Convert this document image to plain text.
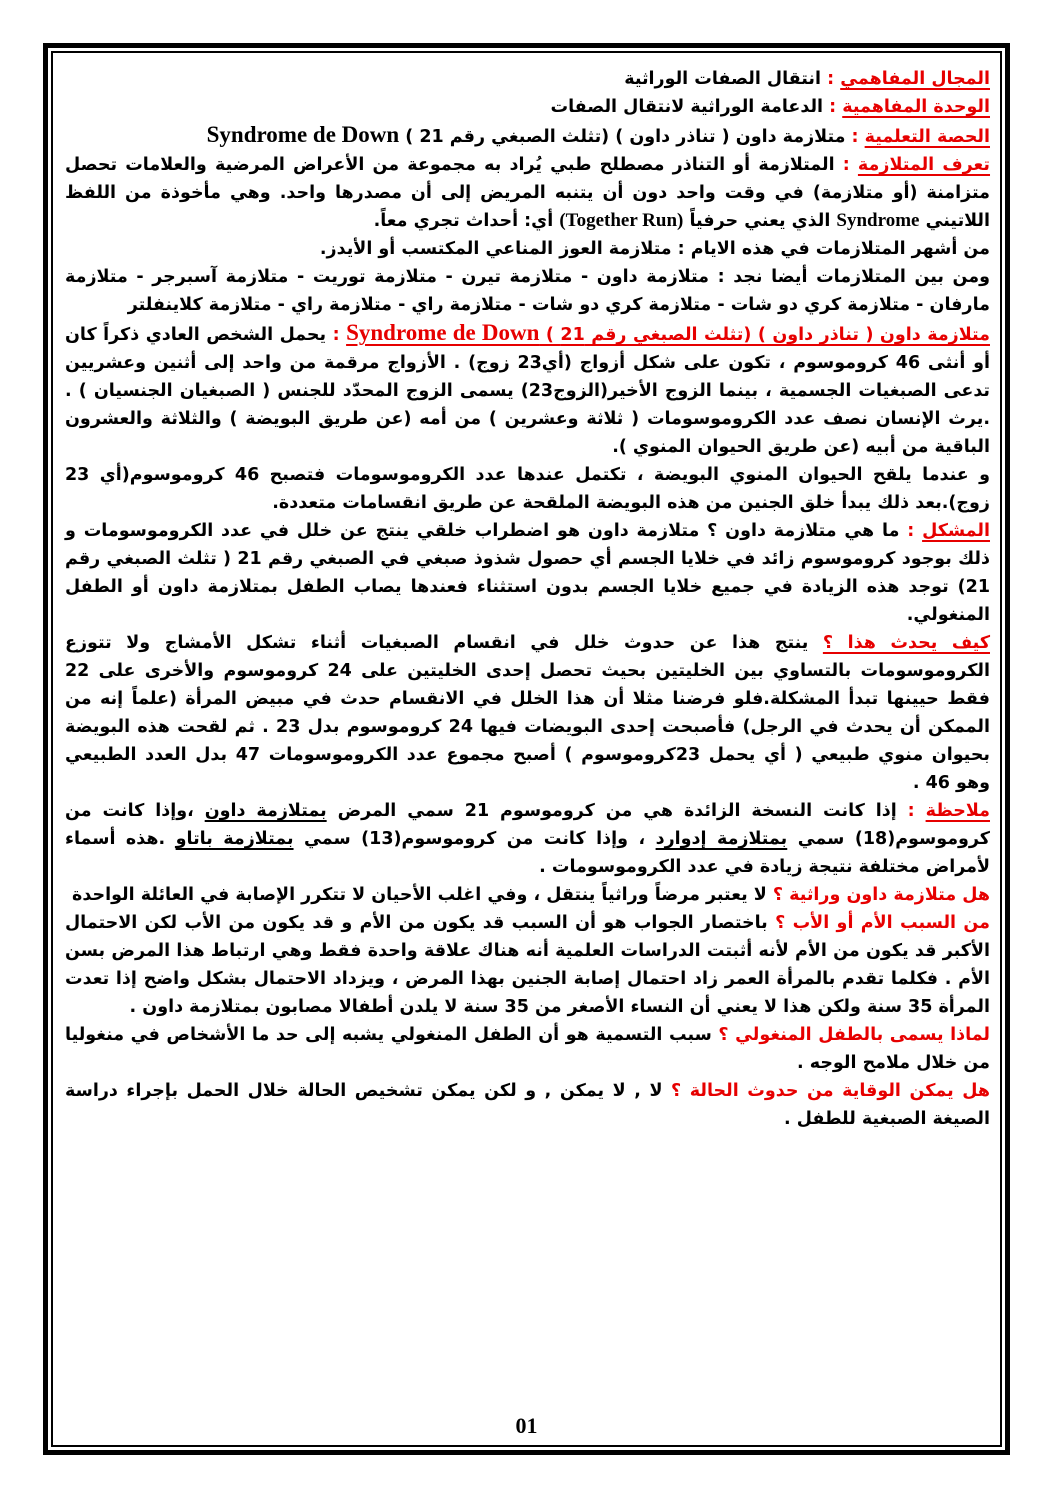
المجال المفاهمي : انتقال الصفات الوراثية

الوحدة المفاهمية : الدعامة الوراثية لانتقال الصفات

الحصة التعلمية : متلازمة داون ( تناذر داون ) (تثلث الصبغي رقم 21 ) Syndrome de Down

تعرف المتلازمة : المتلازمة أو التناذر مصطلح طبي يُراد به مجموعة من الأعراض المرضية والعلامات تحصل متزامنة (أو متلازمة) في وقت واحد دون أن يتنبه المريض إلى أن مصدرها واحد. وهي مأخوذة من اللفظ اللاتيني Syndrome الذي يعني حرفياً (Together Run) أي: أحداث تجري معاً.

من أشهر المتلازمات في هذه الايام : متلازمة العوز المناعي المكتسب أو الأيدز.

ومن بين المتلازمات أيضا نجد : متلازمة داون - متلازمة تيرن - متلازمة توريت - متلازمة آسبرجر - متلازمة مارفان - متلازمة كري دو شات - متلازمة كري دو شات - متلازمة راي - متلازمة راي - متلازمة كلاينفلتر

متلازمة داون ( تناذر داون ) (تثلث الصبغي رقم 21 ) Syndrome de Down : يحمل الشخص العادي ذكراً كان أو أنثى 46 كروموسوم ، تكون على شكل أزواج (أي23 زوج) . الأزواج مرقمة من واحد إلى أثنين وعشريين تدعى الصبغيات الجسمية ، بينما الزوج الأخير(الزوج23) يسمى الزوج المحدّد للجنس ( الصبغيان الجنسيان ) . .يرث الإنسان نصف عدد الكروموسومات ( ثلاثة وعشرين ) من أمه (عن طريق البويضة ) والثلاثة والعشرون الباقية من أبيه (عن طريق الحيوان المنوي ).

و عندما يلقح الحيوان المنوي البويضة ، تكتمل عندها عدد الكروموسومات فتصبح 46 كروموسوم(أي 23 زوج).بعد ذلك يبدأ خلق الجنين من هذه البويضة الملقحة عن طريق انقسامات متعددة.

المشكل : ما هي متلازمة داون ؟ متلازمة داون هو اضطراب خلقي ينتج عن خلل في عدد الكروموسومات و ذلك بوجود كروموسوم زائد في خلايا الجسم أي حصول شذوذ صبغي في الصبغي رقم 21 ( تثلث الصبغي رقم 21) توجد هذه الزيادة في جميع خلايا الجسم بدون استثناء فعندها يصاب الطفل بمتلازمة داون أو الطفل المنغولي.

كيف يحدث هذا ؟ ينتج هذا عن حدوث خلل في انقسام الصبغيات أثناء تشكل الأمشاج ولا تتوزع الكروموسومات بالتساوي بين الخليتين بحيث تحصل إحدى الخليتين على 24 كروموسوم والأخرى على 22 فقط حيينها تبدأ المشكلة.فلو فرضنا مثلا أن هذا الخلل في الانقسام حدث في مبيض المرأة (علماً إنه من الممكن أن يحدث في الرجل) فأصبحت إحدى البويضات فيها 24 كروموسوم بدل 23 . ثم لقحت هذه البويضة بحيوان منوي طبيعي ( أي يحمل 23كروموسوم ) أصبح مجموع عدد الكروموسومات 47 بدل العدد الطبيعي وهو 46 .

ملاحظة : إذا كانت النسخة الزائدة هي من كروموسوم 21 سمي المرض بمتلازمة داون ،وإذا كانت من كروموسوم(18) سمي بمتلازمة إدوارد ، وإذا كانت من كروموسوم(13) سمي بمتلازمة باتاو .هذه أسماء لأمراض مختلفة نتيجة زيادة في عدد الكروموسومات .

هل متلازمة داون وراثية ؟ لا يعتبر مرضاً وراثياً ينتقل ، وفي اغلب الأحيان لا تتكرر الإصابة في العائلة الواحدة

من السبب الأم أو الأب ؟ باختصار الجواب هو أن السبب قد يكون من الأم و قد يكون من الأب لكن الاحتمال الأكبر قد يكون من الأم لأنه أثبتت الدراسات العلمية أنه هناك علاقة واحدة فقط وهي ارتباط هذا المرض بسن الأم . فكلما تقدم بالمرأة العمر زاد احتمال إصابة الجنين بهذا المرض ، ويزداد الاحتمال بشكل واضح إذا تعدت المرأة 35 سنة ولكن هذا لا يعني أن النساء الأصغر من 35 سنة لا يلدن أطفالا مصابون بمتلازمة داون .

لماذا يسمى بالطفل المنغولي ؟ سبب التسمية هو أن الطفل المنغولي يشبه إلى حد ما الأشخاص في منغوليا من خلال ملامح الوجه .

هل يمكن الوقاية من حدوث الحالة ؟ لا , لا يمكن , و لكن يمكن تشخيص الحالة خلال الحمل بإجراء دراسة الصيغة الصبغية للطفل .

01
